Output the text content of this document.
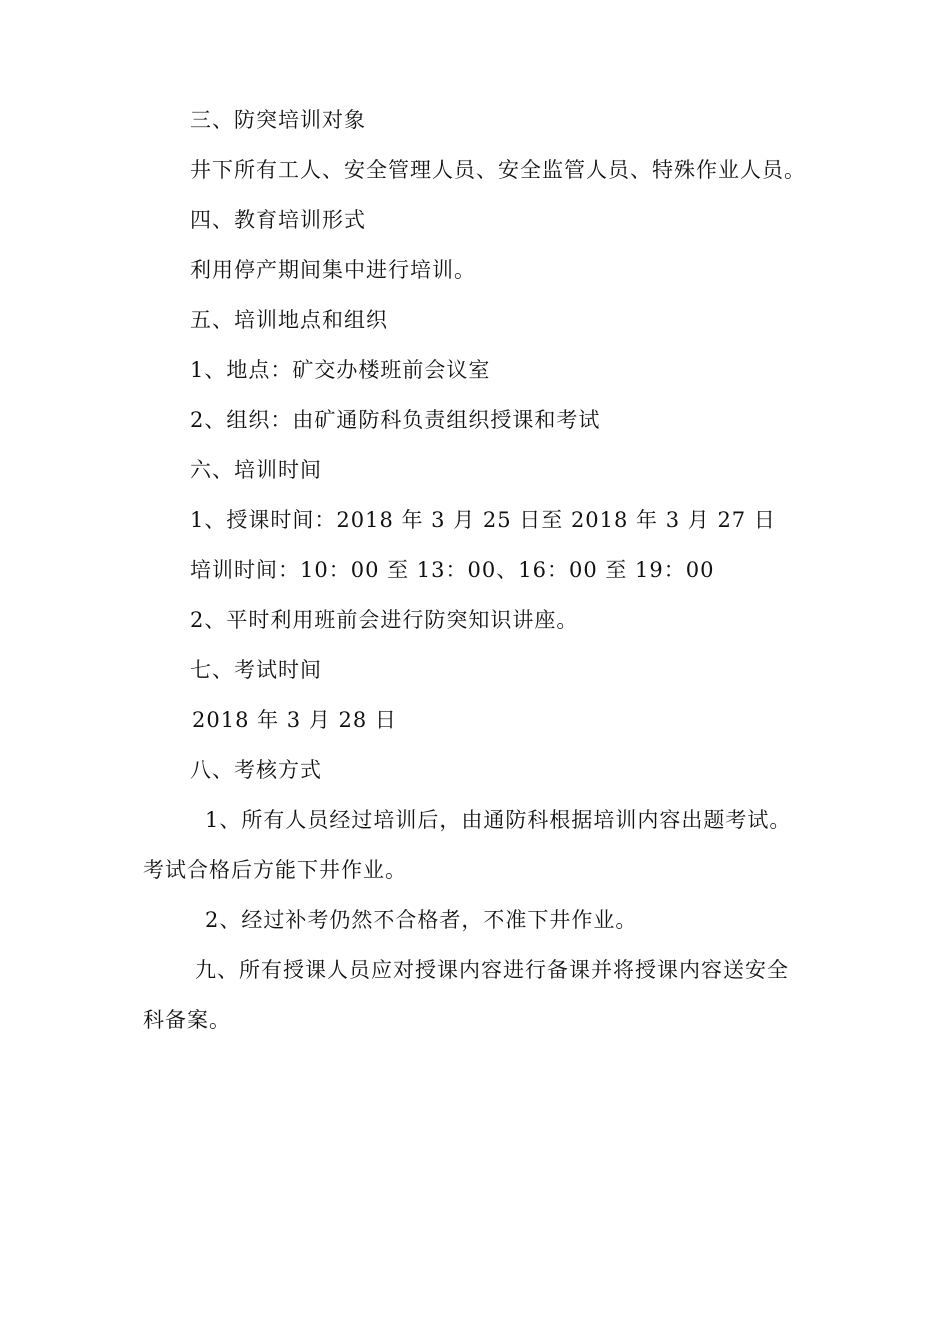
三、防突培训对象
井下所有工人、安全管理人员、安全监管人员、特殊作业人员。
四、教育培训形式
利用停产期间集中进行培训。
五、培训地点和组织
1、地点：矿交办楼班前会议室
2、组织：由矿通防科负责组织授课和考试
六、培训时间
1、授课时间：2018 年 3 月 25 日至 2018 年 3 月 27 日
培训时间：10：00 至 13：00、16：00 至 19：00
2、平时利用班前会进行防突知识讲座。
七、考试时间
2018 年 3 月 28 日
八、考核方式
1、所有人员经过培训后，由通防科根据培训内容出题考试。
考试合格后方能下井作业。
2、经过补考仍然不合格者，不准下井作业。
九、所有授课人员应对授课内容进行备课并将授课内容送安全
科备案。
